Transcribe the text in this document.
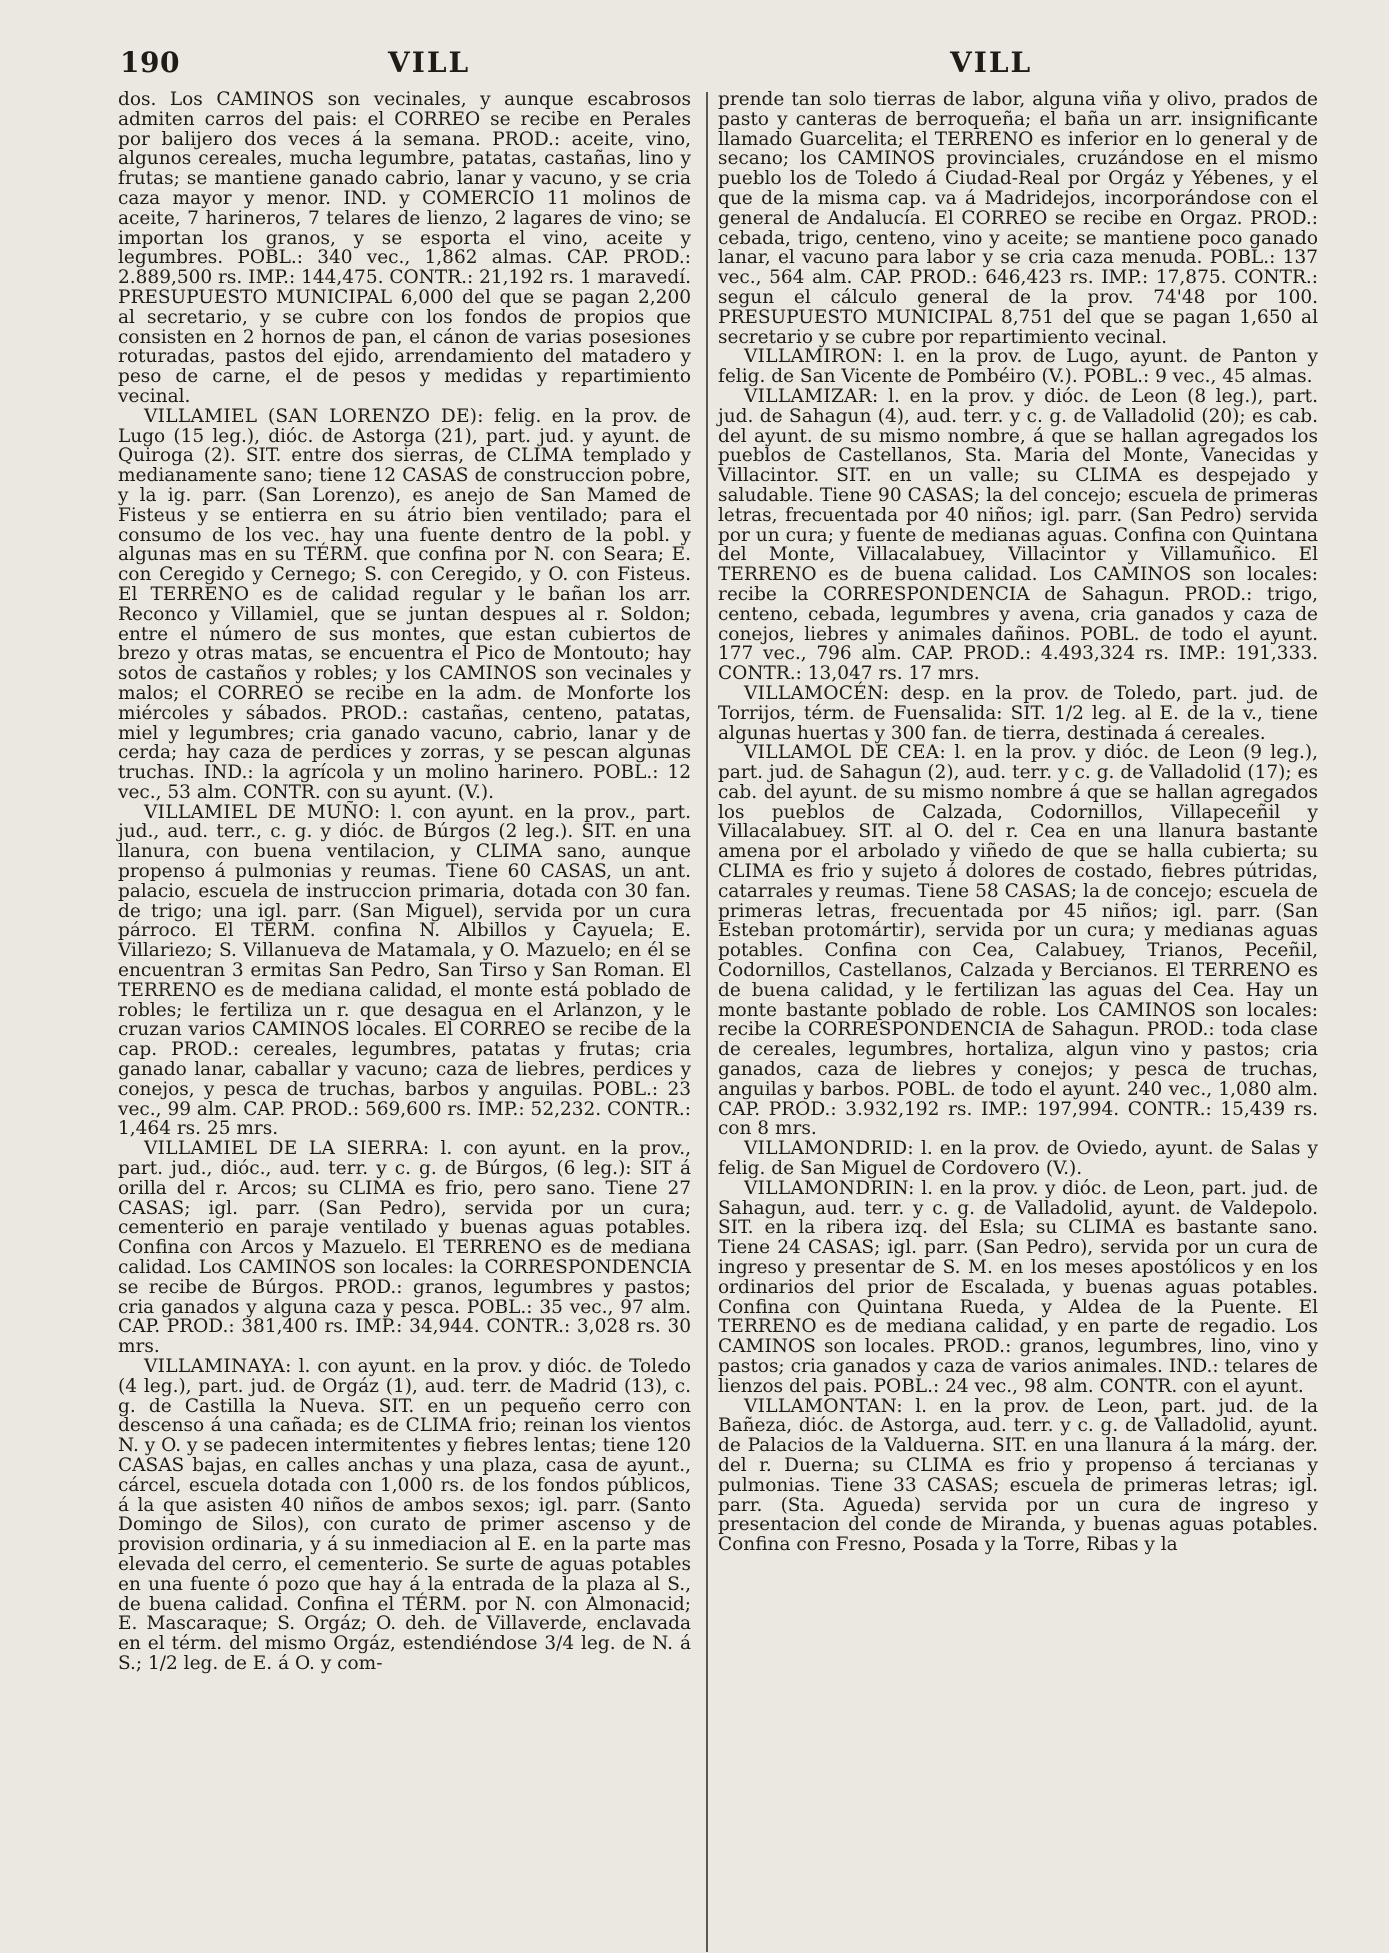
190	VILL	VILL

dos. Los CAMINOS son vecinales, y aunque escabrosos admiten carros del pais: el CORREO se recibe en Perales por balijero dos veces á la semana. PROD.: aceite, vino, algunos cereales, mucha legumbre, patatas, castañas, lino y frutas; se mantiene ganado cabrio, lanar y vacuno, y se cria caza mayor y menor. IND. y COMERCIO 11 molinos de aceite, 7 harineros, 7 telares de lienzo, 2 lagares de vino; se importan los granos, y se esporta el vino, aceite y legumbres. POBL.: 340 vec., 1,862 almas. CAP. PROD.: 2.889,500 rs. IMP.: 144,475. CONTR.: 21,192 rs. 1 maravedí. PRESUPUESTO MUNICIPAL 6,000 del que se pagan 2,200 al secretario, y se cubre con los fondos de propios que consisten en 2 hornos de pan, el cánon de varias posesiones roturadas, pastos del ejido, arrendamiento del matadero y peso de carne, el de pesos y medidas y repartimiento vecinal.

VILLAMIEL (SAN LORENZO DE): felig. en la prov. de Lugo (15 leg.), dióc. de Astorga (21), part. jud. y ayunt. de Quiroga (2). SIT. entre dos sierras, de CLIMA templado y medianamente sano; tiene 12 CASAS de construccion pobre, y la ig. parr. (San Lorenzo), es anejo de San Mamed de Fisteus y se entierra en su átrio bien ventilado; para el consumo de los vec. hay una fuente dentro de la pobl. y algunas mas en su TÉRM. que confina por N. con Seara; E. con Ceregido y Cernego; S. con Ceregido, y O. con Fisteus. El TERRENO es de calidad regular y le bañan los arr. Reconco y Villamiel, que se juntan despues al r. Soldon; entre el número de sus montes, que estan cubiertos de brezo y otras matas, se encuentra el Pico de Montouto; hay sotos de castaños y robles; y los CAMINOS son vecinales y malos; el CORREO se recibe en la adm. de Monforte los miércoles y sábados. PROD.: castañas, centeno, patatas, miel y legumbres; cria ganado vacuno, cabrio, lanar y de cerda; hay caza de perdices y zorras, y se pescan algunas truchas. IND.: la agrícola y un molino harinero. POBL.: 12 vec., 53 alm. CONTR. con su ayunt. (V.).

VILLAMIEL DE MUÑO: l. con ayunt. en la prov., part. jud., aud. terr., c. g. y dióc. de Búrgos (2 leg.). SIT. en una llanura, con buena ventilacion, y CLIMA sano, aunque propenso á pulmonias y reumas. Tiene 60 CASAS, un ant. palacio, escuela de instruccion primaria, dotada con 30 fan. de trigo; una igl. parr. (San Miguel), servida por un cura párroco. El TÉRM. confina N. Albillos y Cayuela; E. Villariezo; S. Villanueva de Matamala, y O. Mazuelo; en él se encuentran 3 ermitas San Pedro, San Tirso y San Roman. El TERRENO es de mediana calidad, el monte está poblado de robles; le fertiliza un r. que desagua en el Arlanzon, y le cruzan varios CAMINOS locales. El CORREO se recibe de la cap. PROD.: cereales, legumbres, patatas y frutas; cria ganado lanar, caballar y vacuno; caza de liebres, perdices y conejos, y pesca de truchas, barbos y anguilas. POBL.: 23 vec., 99 alm. CAP. PROD.: 569,600 rs. IMP.: 52,232. CONTR.: 1,464 rs. 25 mrs.

VILLAMIEL DE LA SIERRA: l. con ayunt. en la prov., part. jud., dióc., aud. terr. y c. g. de Búrgos, (6 leg.): SIT á orilla del r. Arcos; su CLIMA es frio, pero sano. Tiene 27 CASAS; igl. parr. (San Pedro), servida por un cura; cementerio en paraje ventilado y buenas aguas potables. Confina con Arcos y Mazuelo. El TERRENO es de mediana calidad. Los CAMINOS son locales: la CORRESPONDENCIA se recibe de Búrgos. PROD.: granos, legumbres y pastos; cria ganados y alguna caza y pesca. POBL.: 35 vec., 97 alm. CAP. PROD.: 381,400 rs. IMP.: 34,944. CONTR.: 3,028 rs. 30 mrs.

VILLAMINAYA: l. con ayunt. en la prov. y dióc. de Toledo (4 leg.), part. jud. de Orgáz (1), aud. terr. de Madrid (13), c. g. de Castilla la Nueva. SIT. en un pequeño cerro con descenso á una cañada; es de CLIMA frio; reinan los vientos N. y O. y se padecen intermitentes y fiebres lentas; tiene 120 CASAS bajas, en calles anchas y una plaza, casa de ayunt., cárcel, escuela dotada con 1,000 rs. de los fondos públicos, á la que asisten 40 niños de ambos sexos; igl. parr. (Santo Domingo de Silos), con curato de primer ascenso y de provision ordinaria, y á su inmediacion al E. en la parte mas elevada del cerro, el cementerio. Se surte de aguas potables en una fuente ó pozo que hay á la entrada de la plaza al S., de buena calidad. Confina el TÉRM. por N. con Almonacid; E. Mascaraque; S. Orgáz; O. deh. de Villaverde, enclavada en el térm. del mismo Orgáz, estendiéndose 3/4 leg. de N. á S.; 1/2 leg. de E. á O. y com-

prende tan solo tierras de labor, alguna viña y olivo, prados de pasto y canteras de berroqueña; el baña un arr. insignificante llamado Guarcelita; el TERRENO es inferior en lo general y de secano; los CAMINOS provinciales, cruzándose en el mismo pueblo los de Toledo á Ciudad-Real por Orgáz y Yébenes, y el que de la misma cap. va á Madridejos, incorporándose con el general de Andalucía. El CORREO se recibe en Orgaz. PROD.: cebada, trigo, centeno, vino y aceite; se mantiene poco ganado lanar, el vacuno para labor y se cria caza menuda. POBL.: 137 vec., 564 alm. CAP. PROD.: 646,423 rs. IMP.: 17,875. CONTR.: segun el cálculo general de la prov. 74'48 por 100. PRESUPUESTO MUNICIPAL 8,751 del que se pagan 1,650 al secretario y se cubre por repartimiento vecinal.

VILLAMIRON: l. en la prov. de Lugo, ayunt. de Panton y felig. de San Vicente de Pombéiro (V.). POBL.: 9 vec., 45 almas.

VILLAMIZAR: l. en la prov. y dióc. de Leon (8 leg.), part. jud. de Sahagun (4), aud. terr. y c. g. de Valladolid (20); es cab. del ayunt. de su mismo nombre, á que se hallan agregados los pueblos de Castellanos, Sta. Maria del Monte, Vanecidas y Villacintor. SIT. en un valle; su CLIMA es despejado y saludable. Tiene 90 CASAS; la del concejo; escuela de primeras letras, frecuentada por 40 niños; igl. parr. (San Pedro) servida por un cura; y fuente de medianas aguas. Confina con Quintana del Monte, Villacalabuey, Villacintor y Villamuñico. El TERRENO es de buena calidad. Los CAMINOS son locales: recibe la CORRESPONDENCIA de Sahagun. PROD.: trigo, centeno, cebada, legumbres y avena, cria ganados y caza de conejos, liebres y animales dañinos. POBL. de todo el ayunt. 177 vec., 796 alm. CAP. PROD.: 4.493,324 rs. IMP.: 191,333. CONTR.: 13,047 rs. 17 mrs.

VILLAMOCÉN: desp. en la prov. de Toledo, part. jud. de Torrijos, térm. de Fuensalida: SIT. 1/2 leg. al E. de la v., tiene algunas huertas y 300 fan. de tierra, destinada á cereales.

VILLAMOL DE CEA: l. en la prov. y dióc. de Leon (9 leg.), part. jud. de Sahagun (2), aud. terr. y c. g. de Valladolid (17); es cab. del ayunt. de su mismo nombre á que se hallan agregados los pueblos de Calzada, Codornillos, Villapeceñil y Villacalabuey. SIT. al O. del r. Cea en una llanura bastante amena por el arbolado y viñedo de que se halla cubierta; su CLIMA es frio y sujeto á dolores de costado, fiebres pútridas, catarrales y reumas. Tiene 58 CASAS; la de concejo; escuela de primeras letras, frecuentada por 45 niños; igl. parr. (San Esteban protomártir), servida por un cura; y medianas aguas potables. Confina con Cea, Calabuey, Trianos, Peceñil, Codornillos, Castellanos, Calzada y Bercianos. El TERRENO es de buena calidad, y le fertilizan las aguas del Cea. Hay un monte bastante poblado de roble. Los CAMINOS son locales: recibe la CORRESPONDENCIA de Sahagun. PROD.: toda clase de cereales, legumbres, hortaliza, algun vino y pastos; cria ganados, caza de liebres y conejos; y pesca de truchas, anguilas y barbos. POBL. de todo el ayunt. 240 vec., 1,080 alm. CAP. PROD.: 3.932,192 rs. IMP.: 197,994. CONTR.: 15,439 rs. con 8 mrs.

VILLAMONDRID: l. en la prov. de Oviedo, ayunt. de Salas y felig. de San Miguel de Cordovero (V.).

VILLAMONDRIN: l. en la prov. y dióc. de Leon, part. jud. de Sahagun, aud. terr. y c. g. de Valladolid, ayunt. de Valdepolo. SIT. en la ribera izq. del Esla; su CLIMA es bastante sano. Tiene 24 CASAS; igl. parr. (San Pedro), servida por un cura de ingreso y presentar de S. M. en los meses apostólicos y en los ordinarios del prior de Escalada, y buenas aguas potables. Confina con Quintana Rueda, y Aldea de la Puente. El TERRENO es de mediana calidad, y en parte de regadio. Los CAMINOS son locales. PROD.: granos, legumbres, lino, vino y pastos; cria ganados y caza de varios animales. IND.: telares de lienzos del pais. POBL.: 24 vec., 98 alm. CONTR. con el ayunt.

VILLAMONTAN: l. en la prov. de Leon, part. jud. de la Bañeza, dióc. de Astorga, aud. terr. y c. g. de Valladolid, ayunt. de Palacios de la Valduerna. SIT. en una llanura á la márg. der. del r. Duerna; su CLIMA es frio y propenso á tercianas y pulmonias. Tiene 33 CASAS; escuela de primeras letras; igl. parr. (Sta. Agueda) servida por un cura de ingreso y presentacion del conde de Miranda, y buenas aguas potables. Confina con Fresno, Posada y la Torre, Ribas y la
